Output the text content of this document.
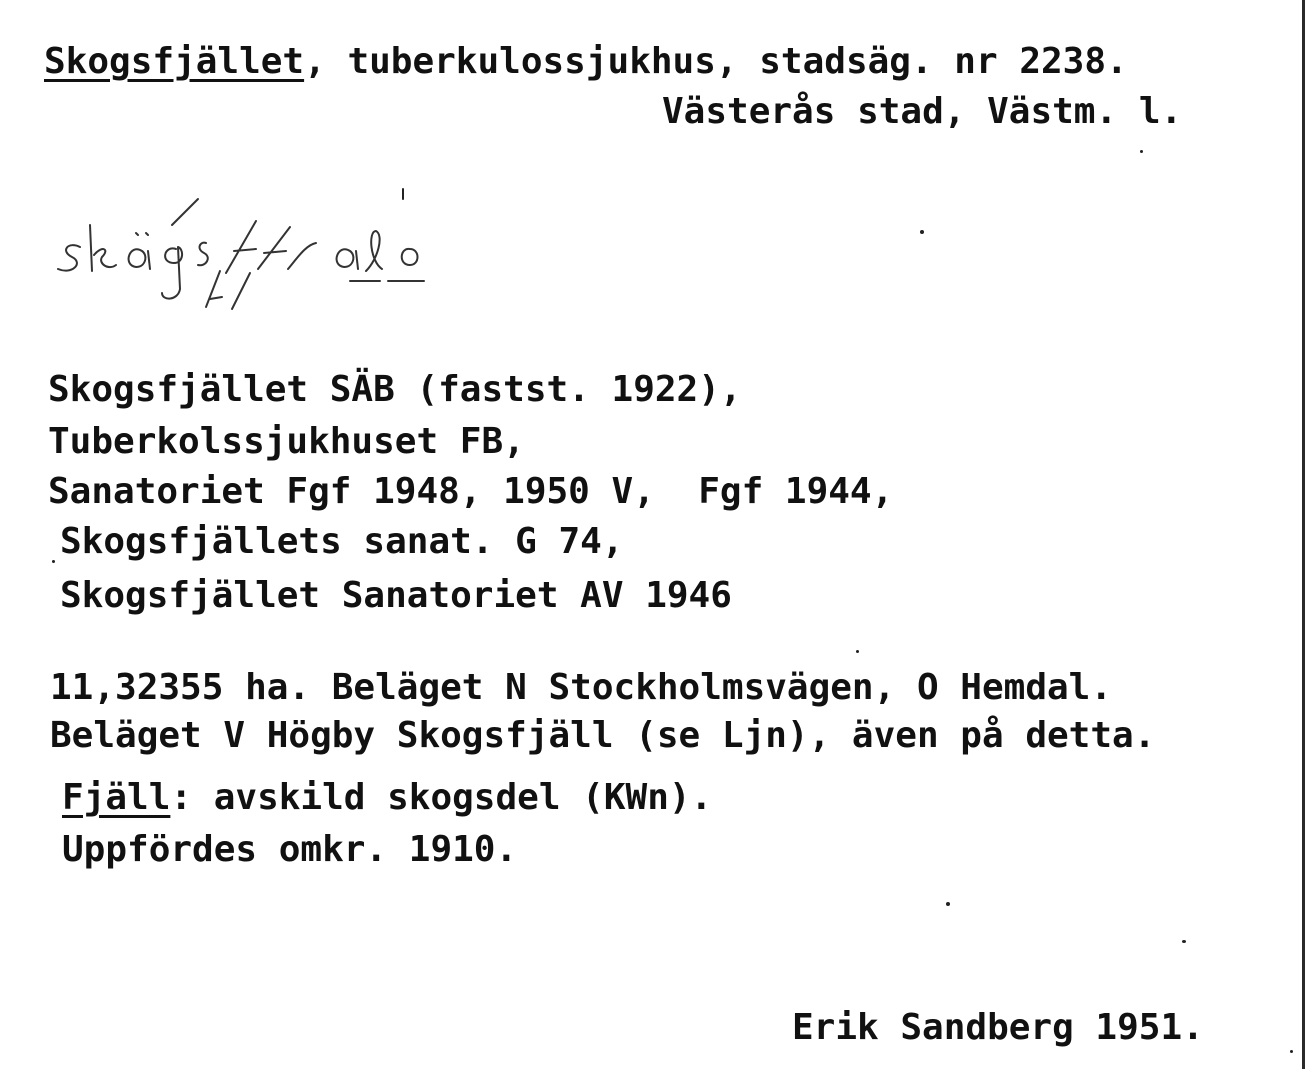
Skogsfjället, tuberkulossjukhus, stadsäg. nr 2238.
Västerås stad, Västm. l.
Skogsfjället SÄB (fastst. 1922),
Tuberkolssjukhuset FB,
Sanatoriet Fgf 1948, 1950 V,  Fgf 1944,
Skogsfjällets sanat. G 74,
Skogsfjället Sanatoriet AV 1946
11,32355 ha. Beläget N Stockholmsvägen, O Hemdal.
Beläget V Högby Skogsfjäll (se Ljn), även på detta.
Fjäll: avskild skogsdel (KWn).
Uppfördes omkr. 1910.
Erik Sandberg 1951.
